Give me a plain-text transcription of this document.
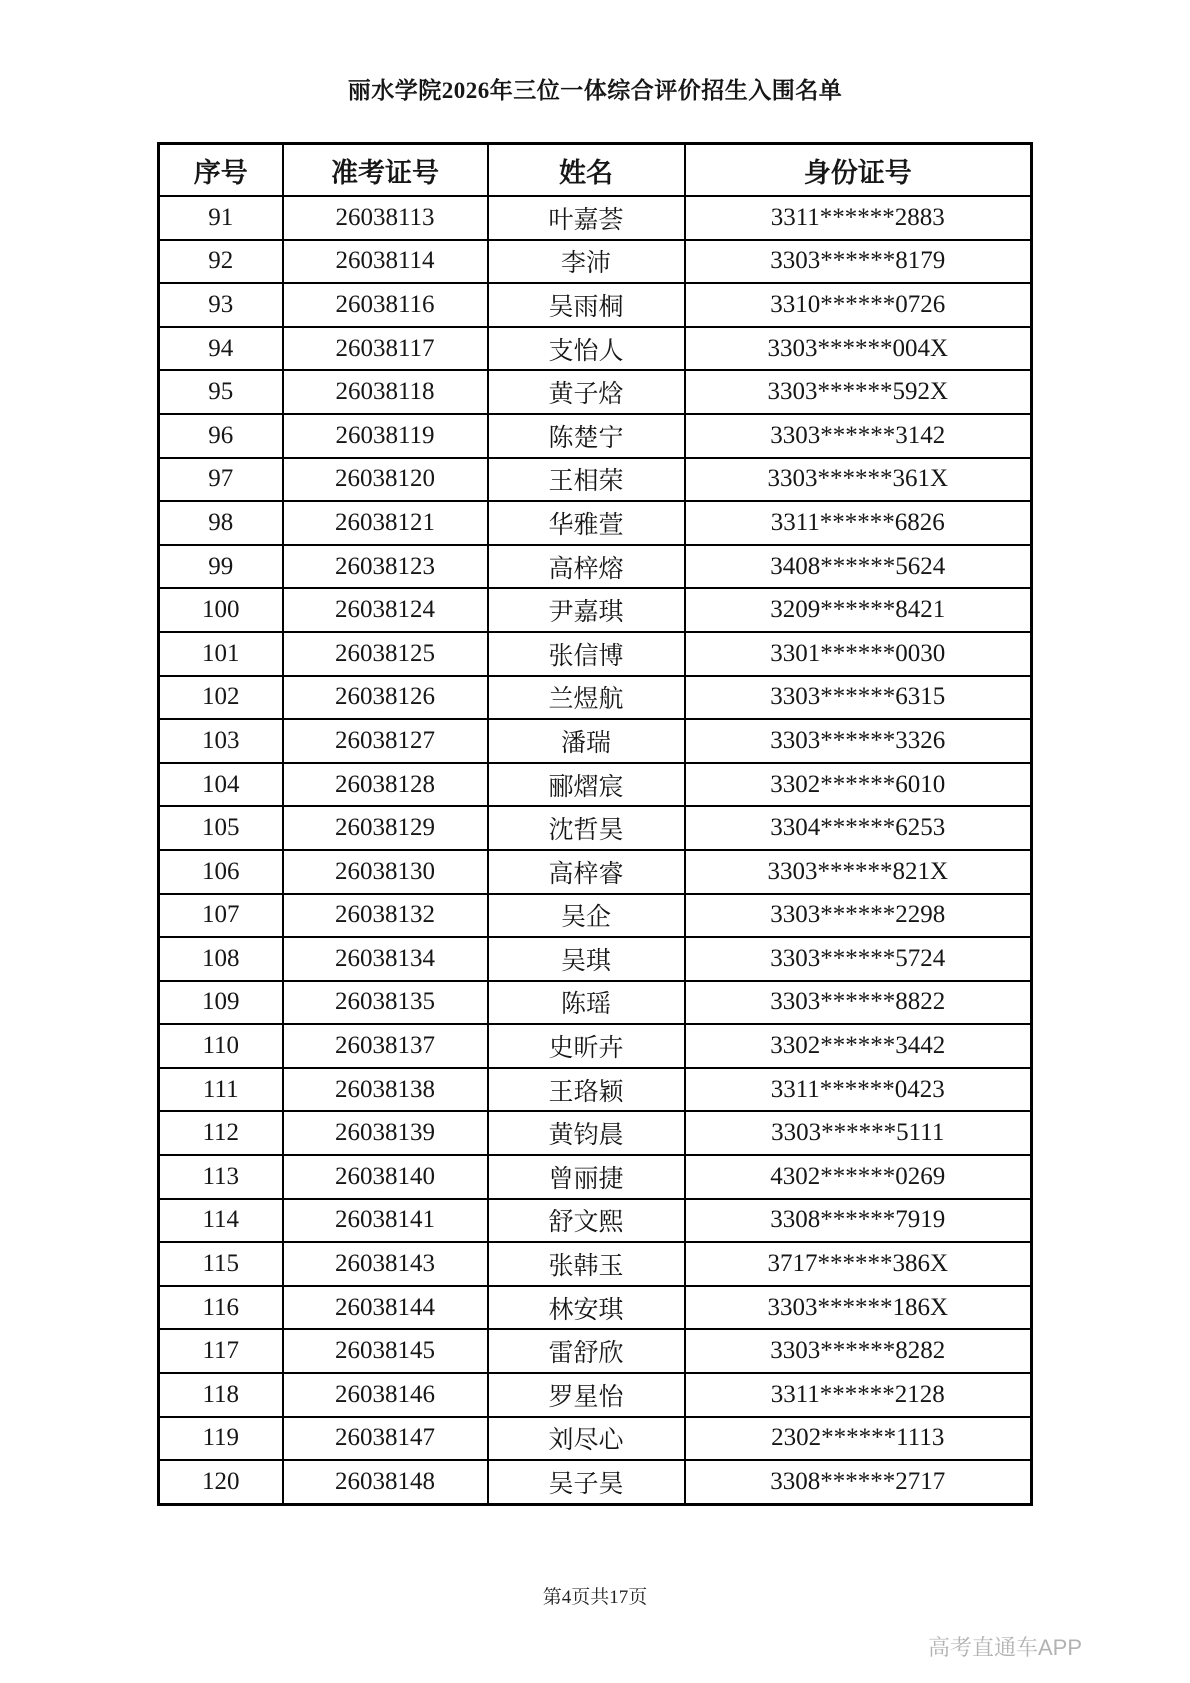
丽水学院2026年三位一体综合评价招生入围名单
序号	准考证号	姓名	身份证号
91	26038113	叶嘉荟	3311******2883
92	26038114	李沛	3303******8179
93	26038116	吴雨桐	3310******0726
94	26038117	支怡人	3303******004X
95	26038118	黄子焓	3303******592X
96	26038119	陈楚宁	3303******3142
97	26038120	王相荣	3303******361X
98	26038121	华雅萱	3311******6826
99	26038123	高梓熔	3408******5624
100	26038124	尹嘉琪	3209******8421
101	26038125	张信博	3301******0030
102	26038126	兰煜航	3303******6315
103	26038127	潘瑞	3303******3326
104	26038128	郦熠宸	3302******6010
105	26038129	沈哲昊	3304******6253
106	26038130	高梓睿	3303******821X
107	26038132	吴企	3303******2298
108	26038134	吴琪	3303******5724
109	26038135	陈瑶	3303******8822
110	26038137	史昕卉	3302******3442
111	26038138	王珞颖	3311******0423
112	26038139	黄钧晨	3303******5111
113	26038140	曾丽捷	4302******0269
114	26038141	舒文熙	3308******7919
115	26038143	张韩玉	3717******386X
116	26038144	林安琪	3303******186X
117	26038145	雷舒欣	3303******8282
118	26038146	罗星怡	3311******2128
119	26038147	刘尽心	2302******1113
120	26038148	吴子昊	3308******2717
第4页共17页
高考直通车APP
